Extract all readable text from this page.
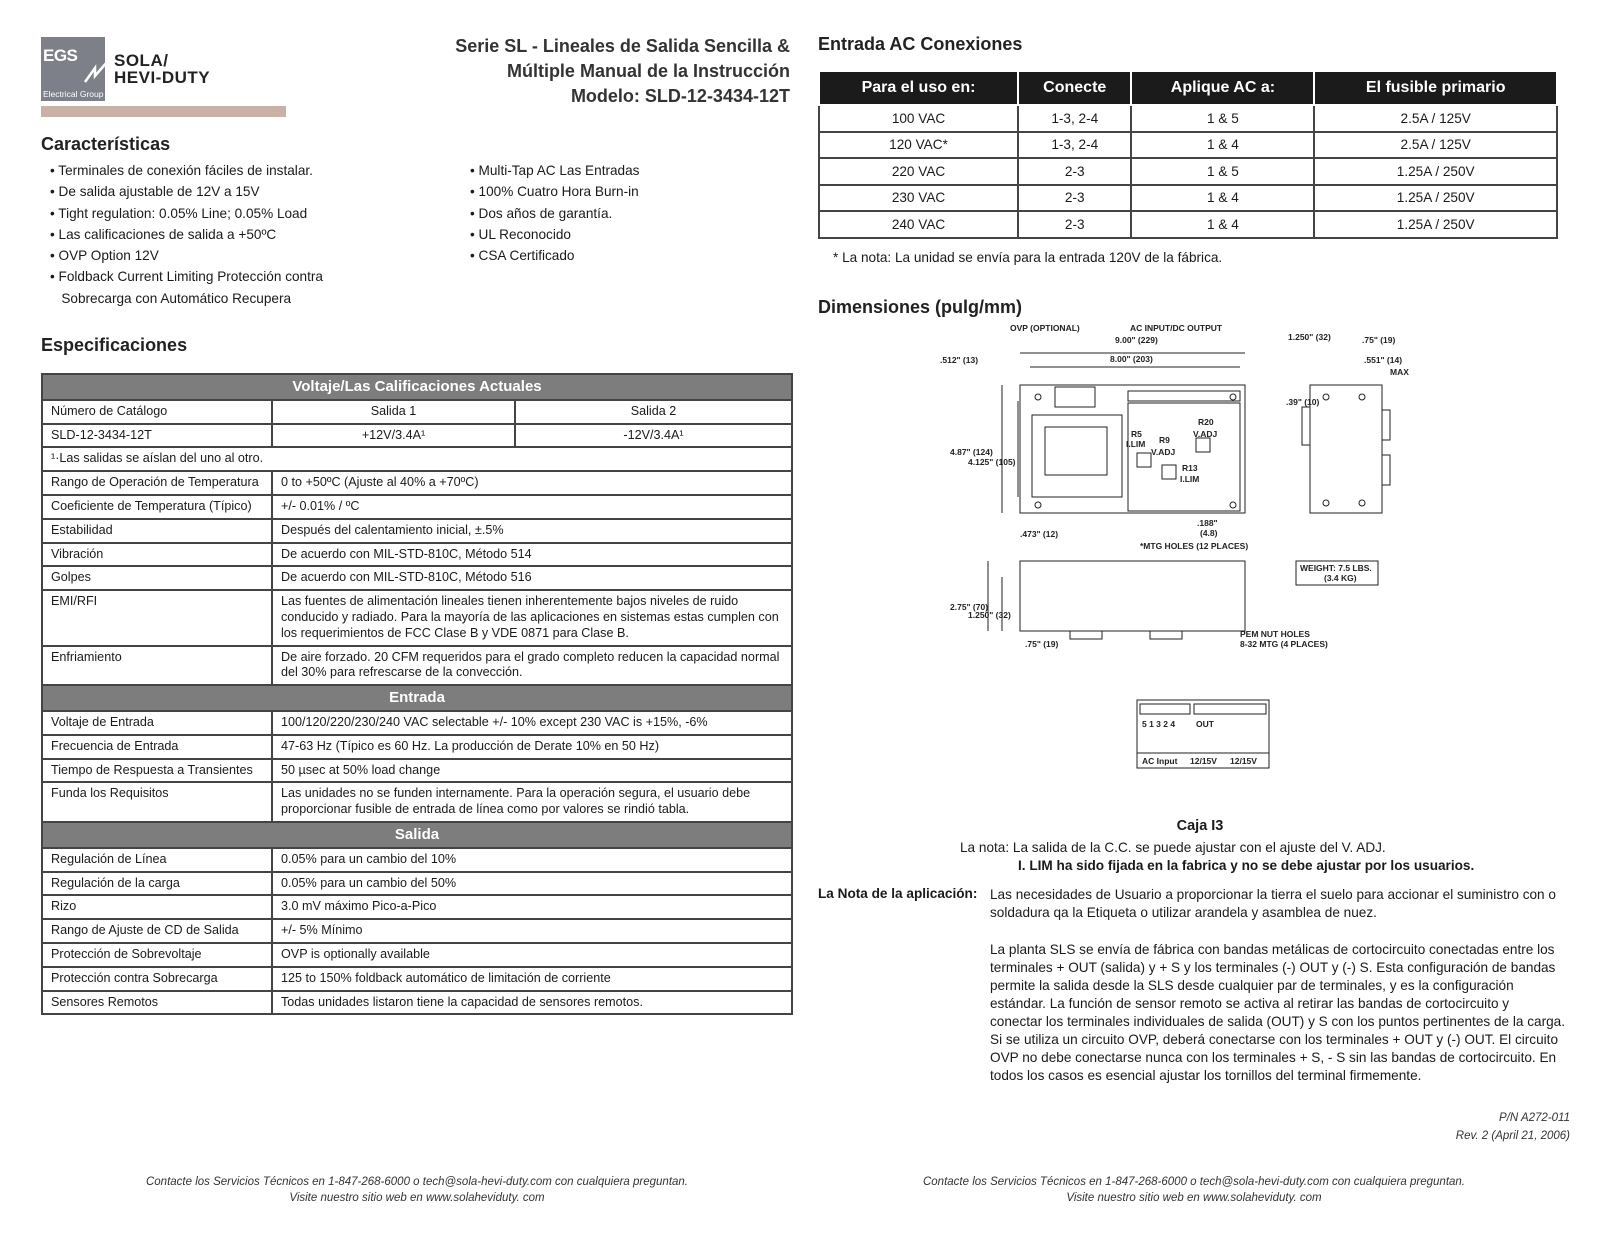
EGS
Electrical Group
SOLA/
HEVI-DUTY
Serie SL - Lineales de Salida Sencilla &
Múltiple Manual de la Instrucción
Modelo: SLD-12-3434-12T
Características
• Terminales de conexión fáciles de instalar.
• De salida ajustable de 12V a 15V
• Tight regulation: 0.05% Line; 0.05% Load
• Las calificaciones de salida a +50ºC
• OVP Option 12V
• Foldback Current Limiting Protección contra
Sobrecarga con Automático Recupera
• Multi-Tap AC Las Entradas
• 100% Cuatro Hora Burn-in
• Dos años de garantía.
• UL Reconocido
• CSA Certificado
Especificaciones
Voltaje/Las Calificaciones Actuales		
Número de Catálogo	Salida 1	Salida 2
SLD-12-3434-12T	+12V/3.4A¹	-12V/3.4A¹
¹·Las salidas se aíslan del uno al otro.		
Rango de Operación de Temperatura	0 to +50ºC (Ajuste al 40% a +70ºC)	
Coeficiente de Temperatura (Típico)	+/- 0.01% / ºC	
Estabilidad	Después del calentamiento inicial, ±.5%	
Vibración	De acuerdo con MIL-STD-810C, Método 514	
Golpes	De acuerdo con MIL-STD-810C, Método 516	
EMI/RFI	Las fuentes de alimentación lineales tienen inherentemente bajos niveles de ruido conducido y radiado. Para la mayoría de las aplicaciones en sistemas estas cumplen con los requerimientos de FCC Clase B y VDE 0871 para Clase B.	
Enfriamiento	De aire forzado. 20 CFM requeridos para el grado completo reducen la capacidad normal del 30% para refrescarse de la convección.	
Entrada		
Voltaje de Entrada	100/120/220/230/240 VAC selectable +/- 10% except 230 VAC is +15%, -6%	
Frecuencia de Entrada	47-63 Hz (Típico es 60 Hz. La producción de Derate 10% en 50 Hz)	
Tiempo de Respuesta a Transientes	50 µsec at 50% load change	
Funda los Requisitos	Las unidades no se funden internamente. Para la operación segura, el usuario debe proporcionar fusible de entrada de línea como por valores se rindió tabla.	
Salida		
Regulación de Línea	0.05% para un cambio del 10%	
Regulación de la carga	0.05% para un cambio del 50%	
Rizo	3.0 mV máximo Pico-a-Pico	
Rango de Ajuste de CD de Salida	+/- 5% Mínimo	
Protección de Sobrevoltaje	OVP is optionally available	
Protección contra Sobrecarga	125 to 150% foldback automático de limitación de corriente	
Sensores Remotos	Todas unidades listaron tiene la capacidad de sensores remotos.	
Entrada AC Conexiones
Para el uso en:	Conecte	Aplique AC a:	El fusible primario
100 VAC	1-3, 2-4	1 & 5	2.5A / 125V
120 VAC*	1-3, 2-4	1 & 4	2.5A / 125V
220 VAC	2-3	1 & 5	1.25A / 250V
230 VAC	2-3	1 & 4	1.25A / 250V
240 VAC	2-3	1 & 4	1.25A / 250V
* La nota: La unidad se envía para la entrada 120V de la fábrica.
Dimensiones (pulg/mm)
OVP (OPTIONAL)	AC INPUT/DC OUTPUT
9.00" (229)
8.00" (203)
.512" (13)
1.250" (32)	.75" (19)
.551" (14)
MAX
.39" (10)
4.87" (124)
4.125" (105)
.473" (12)
.188"
(4.8)
*MTG HOLES (12 PLACES)
R5
I.LIM R9
V.ADJ
R20
V.ADJ
R13
I.LIM
2.75" (70)
1.250" (32)
.75" (19)
WEIGHT: 7.5 LBS.
(3.4 KG)
PEM NUT HOLES
8-32 MTG (4 PLACES)
5 1 3 2 4 OUT
AC Input 12/15V 12/15V
Caja I3
La nota: La salida de la C.C. se puede ajustar con el ajuste del V. ADJ.
I. LIM ha sido fijada en la fabrica y no se debe ajustar por los usuarios.
La Nota de la aplicación: Las necesidades de Usuario a proporcionar la tierra el suelo para accionar el suministro con o soldadura qa la Etiqueta o utilizar arandela y asamblea de nuez.
La planta SLS se envía de fábrica con bandas metálicas de cortocircuito conectadas entre los terminales + OUT (salida) y + S y los terminales (-) OUT y (-) S. Esta configuración de bandas permite la salida desde la SLS desde cualquier par de terminales, y es la configuración estándar. La función de sensor remoto se activa al retirar las bandas de cortocircuito y conectar los terminales individuales de salida (OUT) y S con los puntos pertinentes de la carga. Si se utiliza un circuito OVP, deberá conectarse con los terminales + OUT y (-) OUT. El circuito OVP no debe conectarse nunca con los terminales + S, - S sin las bandas de cortocircuito. En todos los casos es esencial ajustar los tornillos del terminal firmemente.
P/N A272-011
Rev. 2 (April 21, 2006)
Contacte los Servicios Técnicos en 1-847-268-6000 o tech@sola-hevi-duty.com con cualquiera preguntan.
Visite nuestro sitio web en www.solaheviduty. com
Contacte los Servicios Técnicos en 1-847-268-6000 o tech@sola-hevi-duty.com con cualquiera preguntan.
Visite nuestro sitio web en www.solaheviduty. com
